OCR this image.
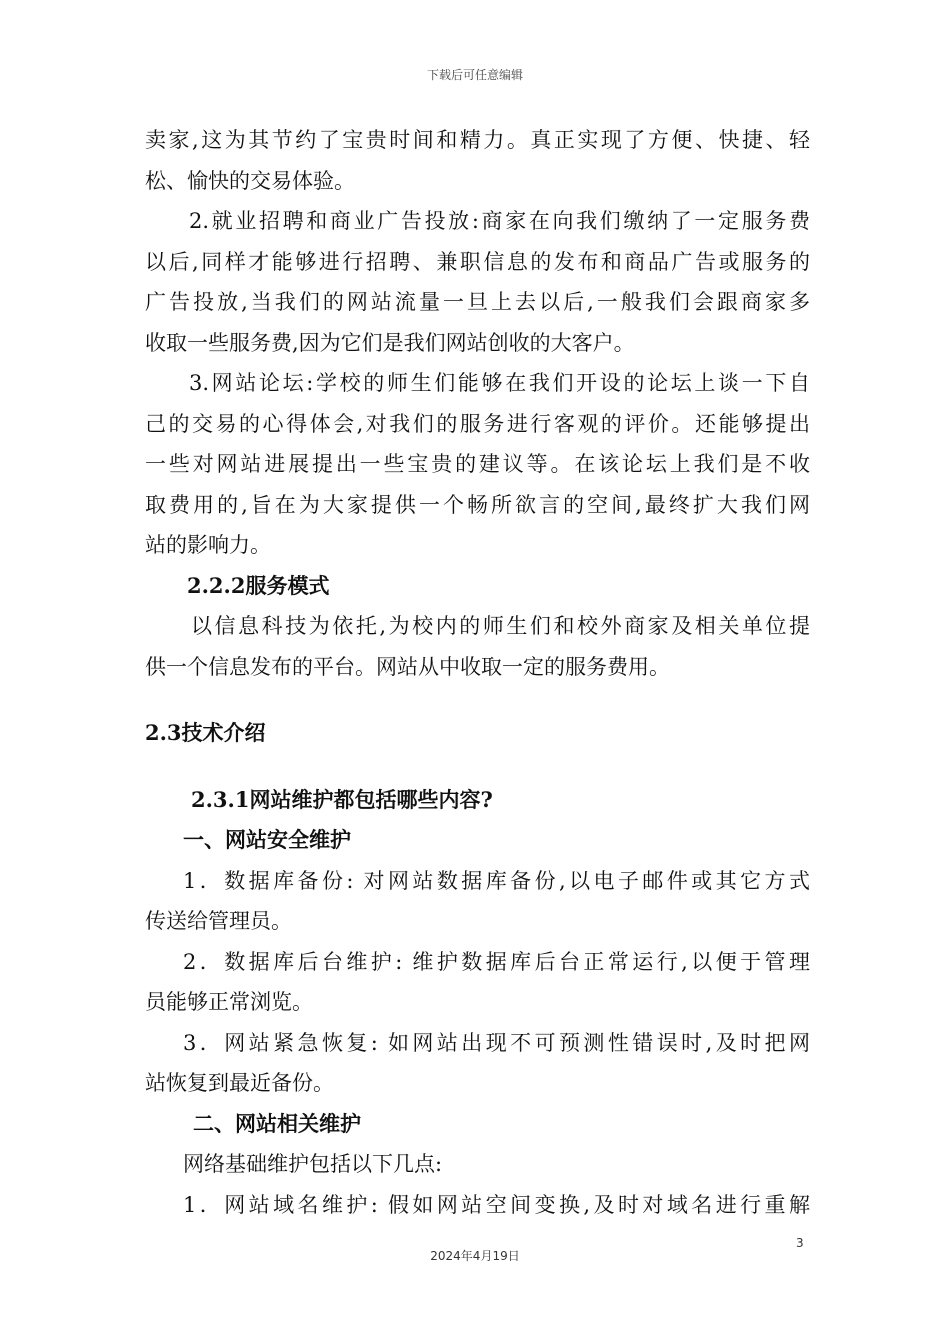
下载后可任意编辑
卖家,这为其节约了宝贵时间和精力。真正实现了方便、快捷、轻
松、愉快的交易体验。
2.就业招聘和商业广告投放:商家在向我们缴纳了一定服务费
以后,同样才能够进行招聘、兼职信息的发布和商品广告或服务的
广告投放,当我们的网站流量一旦上去以后,一般我们会跟商家多
收取一些服务费,因为它们是我们网站创收的大客户。
3.网站论坛:学校的师生们能够在我们开设的论坛上谈一下自
己的交易的心得体会,对我们的服务进行客观的评价。还能够提出
一些对网站进展提出一些宝贵的建议等。在该论坛上我们是不收
取费用的,旨在为大家提供一个畅所欲言的空间,最终扩大我们网
站的影响力。
2.2.2服务模式
以信息科技为依托,为校内的师生们和校外商家及相关单位提
供一个信息发布的平台。网站从中收取一定的服务费用。
2.3技术介绍
2.3.1网站维护都包括哪些内容?
一、网站安全维护
1．数据库备份: 对网站数据库备份,以电子邮件或其它方式
传送给管理员。
2．数据库后台维护: 维护数据库后台正常运行,以便于管理
员能够正常浏览。
3．网站紧急恢复: 如网站出现不可预测性错误时,及时把网
站恢复到最近备份。
二、网站相关维护
网络基础维护包括以下几点:
1．网站域名维护: 假如网站空间变换,及时对域名进行重解
3
2024年4月19日
